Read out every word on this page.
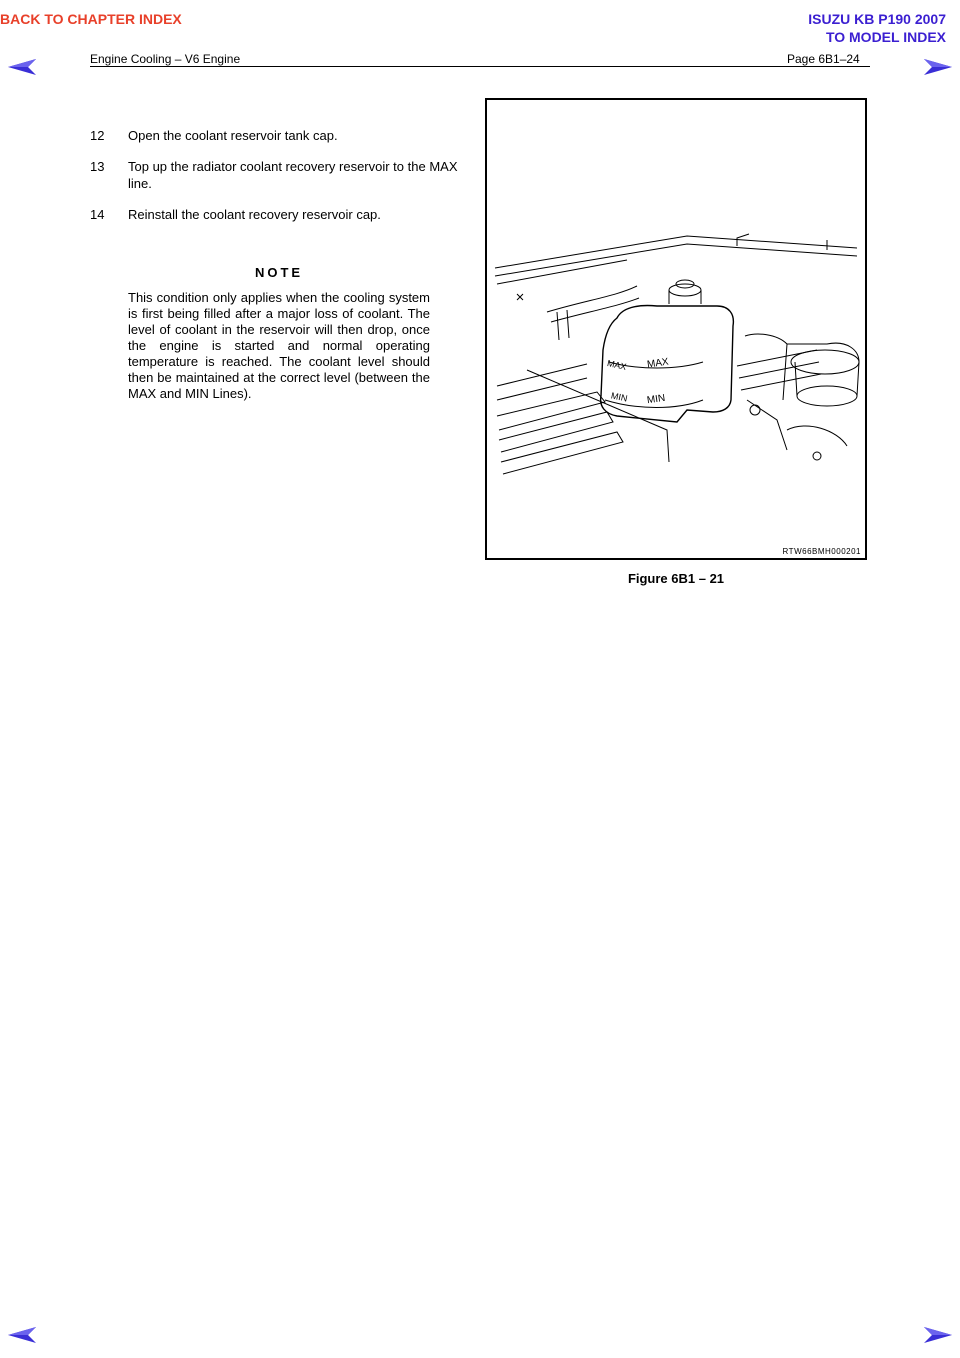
BACK TO CHAPTER INDEX	ISUZU KB P190 2007
TO MODEL INDEX
Engine Cooling – V6 Engine	Page 6B1–24
12 Open the coolant reservoir tank cap.
13 Top up the radiator coolant recovery reservoir to the MAX line.
14 Reinstall the coolant recovery reservoir cap.
NOTE
This condition only applies when the cooling system is first being filled after a major loss of coolant. The level of coolant in the reservoir will then drop, once the engine is started and normal operating temperature is reached. The coolant level should then be maintained at the correct level (between the MAX and MIN Lines).
MAX MAX
MIN MIN
RTW66BMH000201
Figure 6B1 – 21
